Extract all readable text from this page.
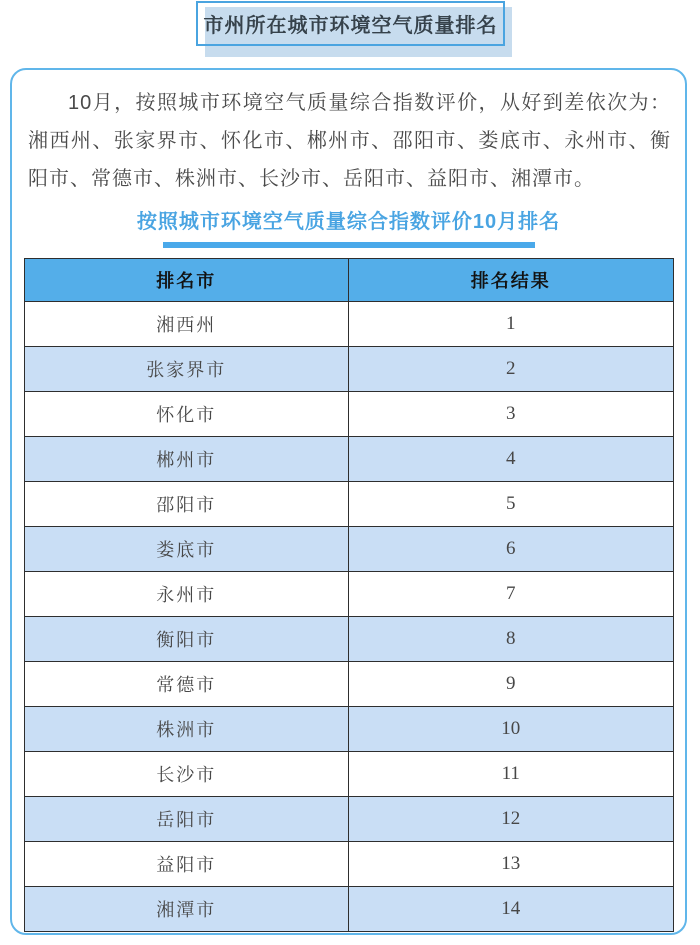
市州所在城市环境空气质量排名

10月，按照城市环境空气质量综合指数评价，从好到差依次为：湘西州、张家界市、怀化市、郴州市、邵阳市、娄底市、永州市、衡阳市、常德市、株洲市、长沙市、岳阳市、益阳市、湘潭市。

按照城市环境空气质量综合指数评价10月排名
排名市	排名结果
湘西州	1
张家界市	2
怀化市	3
郴州市	4
邵阳市	5
娄底市	6
永州市	7
衡阳市	8
常德市	9
株洲市	10
长沙市	11
岳阳市	12
益阳市	13
湘潭市	14
